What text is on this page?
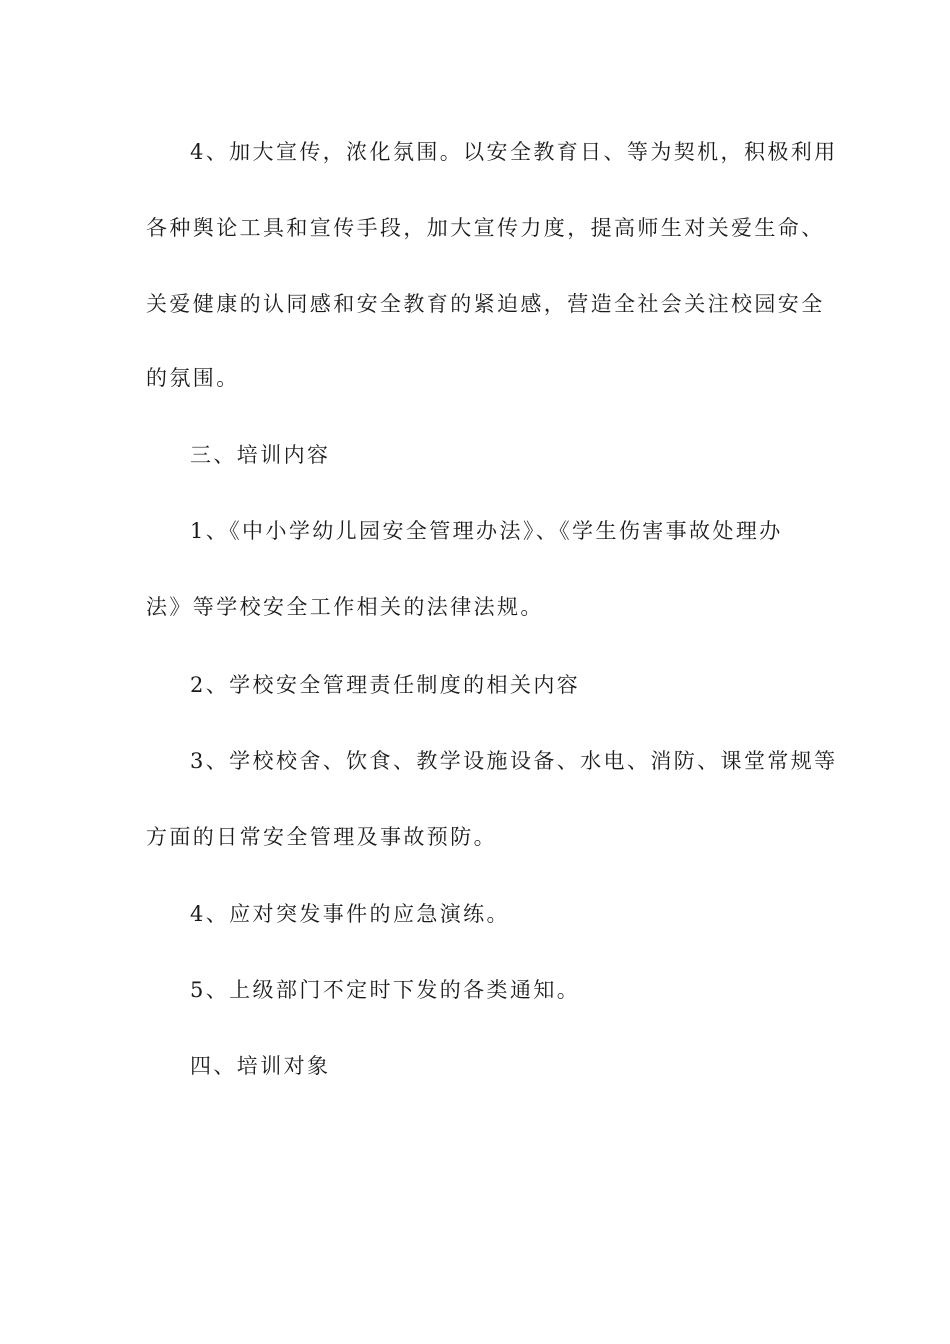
4、加大宣传，浓化氛围。以安全教育日、等为契机，积极利用
各种舆论工具和宣传手段，加大宣传力度，提高师生对关爱生命、
关爱健康的认同感和安全教育的紧迫感，营造全社会关注校园安全
的氛围。
三、培训内容
1、《中小学幼儿园安全管理办法》、《学生伤害事故处理办
法》等学校安全工作相关的法律法规。
2、学校安全管理责任制度的相关内容
3、学校校舍、饮食、教学设施设备、水电、消防、课堂常规等
方面的日常安全管理及事故预防。
4、应对突发事件的应急演练。
5、上级部门不定时下发的各类通知。
四、培训对象
